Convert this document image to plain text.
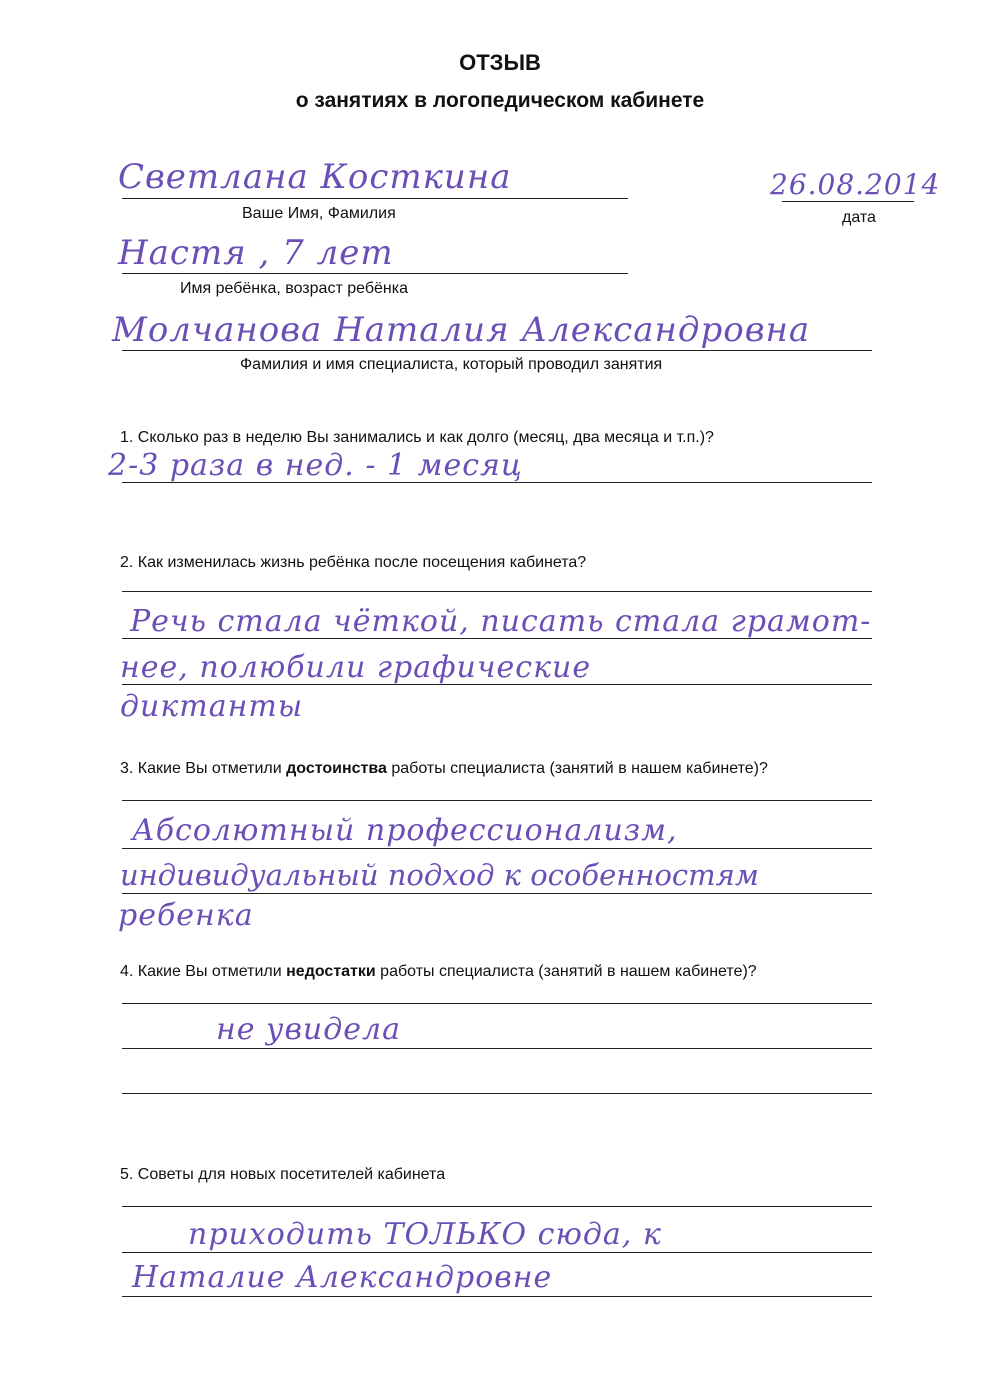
ОТЗЫВ
о занятиях в логопедическом кабинете
Светлана Косткина
Ваше Имя, Фамилия
26.08.2014
дата
Настя , 7 лет
Имя ребёнка, возраст ребёнка
Молчанова Наталия Александровна
Фамилия и имя специалиста, который проводил занятия
1. Сколько раз в неделю Вы занимались и как долго (месяц, два месяца и т.п.)?
2-3 раза в нед. - 1 месяц
2. Как изменилась жизнь ребёнка после посещения кабинета?
Речь стала чёткой, писать стала грамот-
нее, полюбили графические
диктанты
3. Какие Вы отметили достоинства работы специалиста (занятий в нашем кабинете)?
Абсолютный профессионализм,
индивидуальный подход к особенностям
ребенка
4. Какие Вы отметили недостатки работы специалиста (занятий в нашем кабинете)?
не увидела
5. Советы для новых посетителей кабинета
приходить ТОЛЬКО сюда, к
Наталие Александровне
